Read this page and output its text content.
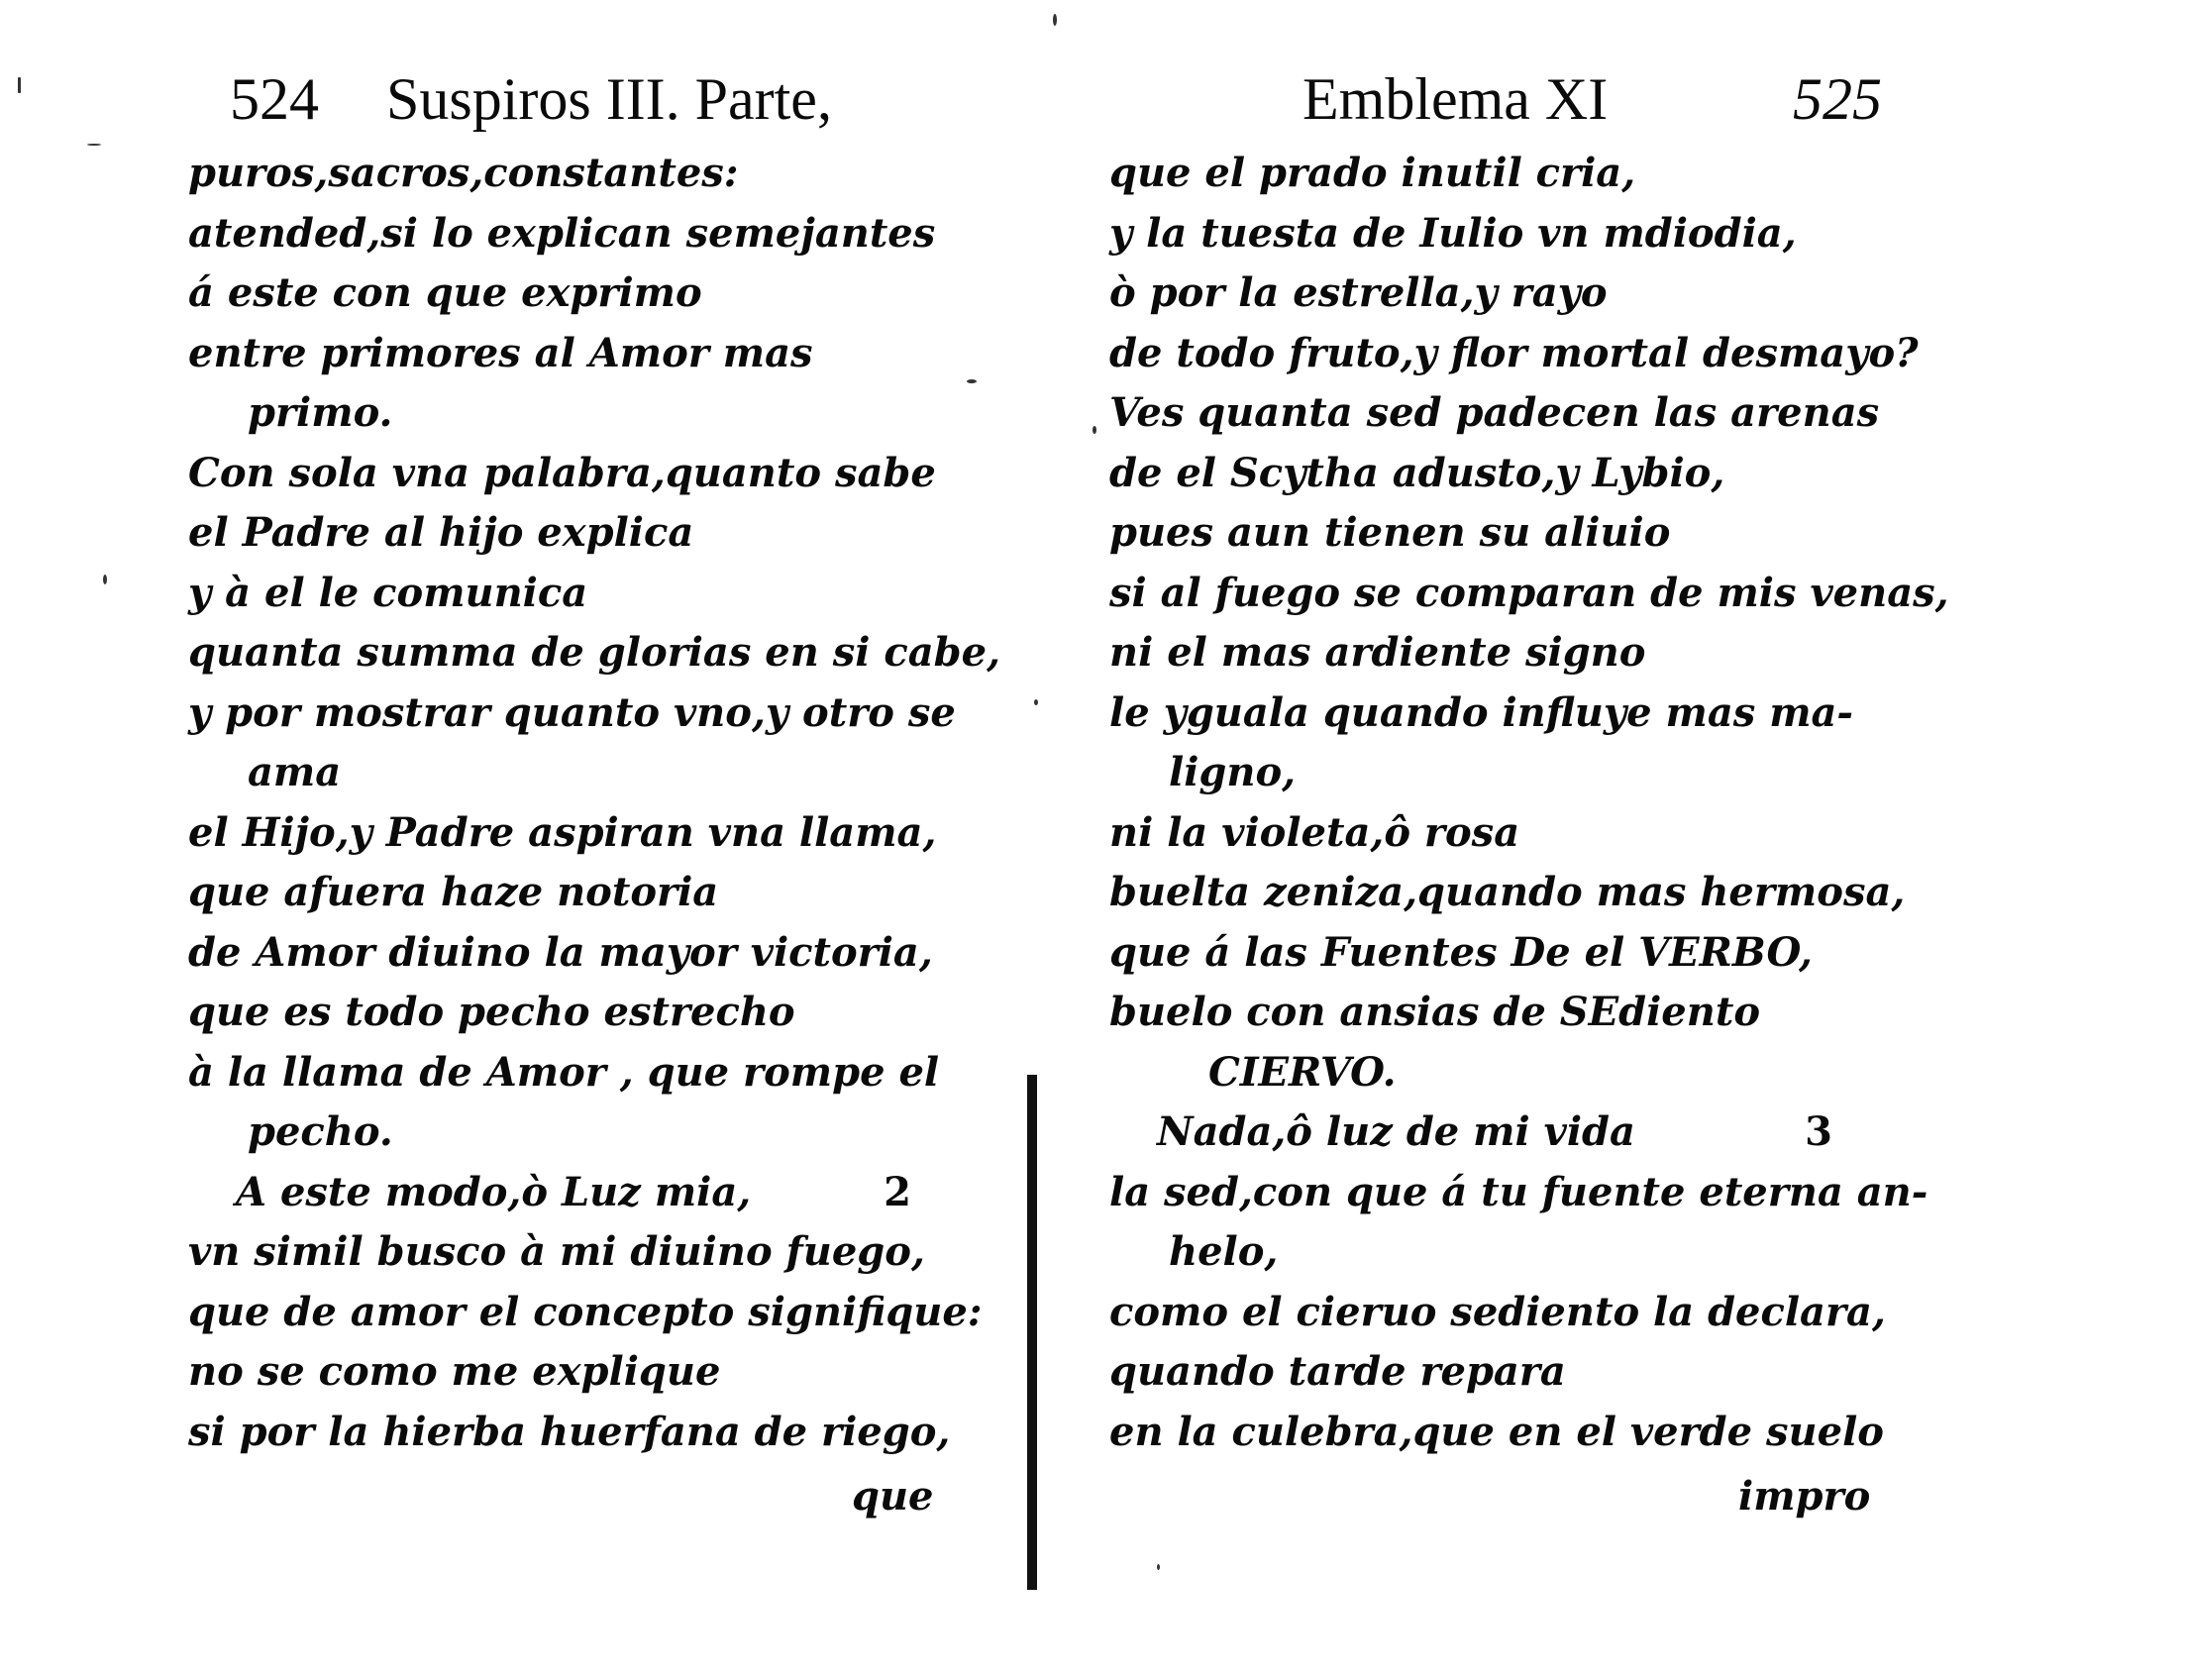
524 Suspiros III. Parte,
puros,sacros,constantes:
atended,si lo explican semejantes
á este con que exprimo
entre primores al Amor mas
primo.
Con sola vna palabra,quanto sabe
el Padre al hijo explica
y à el le comunica
quanta summa de glorias en si cabe,
y por mostrar quanto vno,y otro se
ama
el Hijo,y Padre aspiran vna llama,
que afuera haze notoria
de Amor diuino la mayor victoria,
que es todo pecho estrecho
à la llama de Amor , que rompe el
pecho.
A este modo,ò Luz mia,	2
vn simil busco à mi diuino fuego,
que de amor el concepto signifique:
no se como me explique
si por la hierba huerfana de riego,
que
Emblema XI	525
que el prado inutil cria,
y la tuesta de Iulio vn mdiodia,
ò por la estrella,y rayo
de todo fruto,y flor mortal desmayo?
Ves quanta sed padecen las arenas
de el Scytha adusto,y Lybio,
pues aun tienen su aliuio
si al fuego se comparan de mis venas,
ni el mas ardiente signo
le yguala quando influye mas ma-
ligno,
ni la violeta,ô rosa
buelta zeniza,quando mas hermosa,
que á las Fuentes De el VERBO,
buelo con ansias de SEdiento
CIERVO.
Nada,ô luz de mi vida	3
la sed,con que á tu fuente eterna an-
helo,
como el cieruo sediento la declara,
quando tarde repara
en la culebra,que en el verde suelo
impro
